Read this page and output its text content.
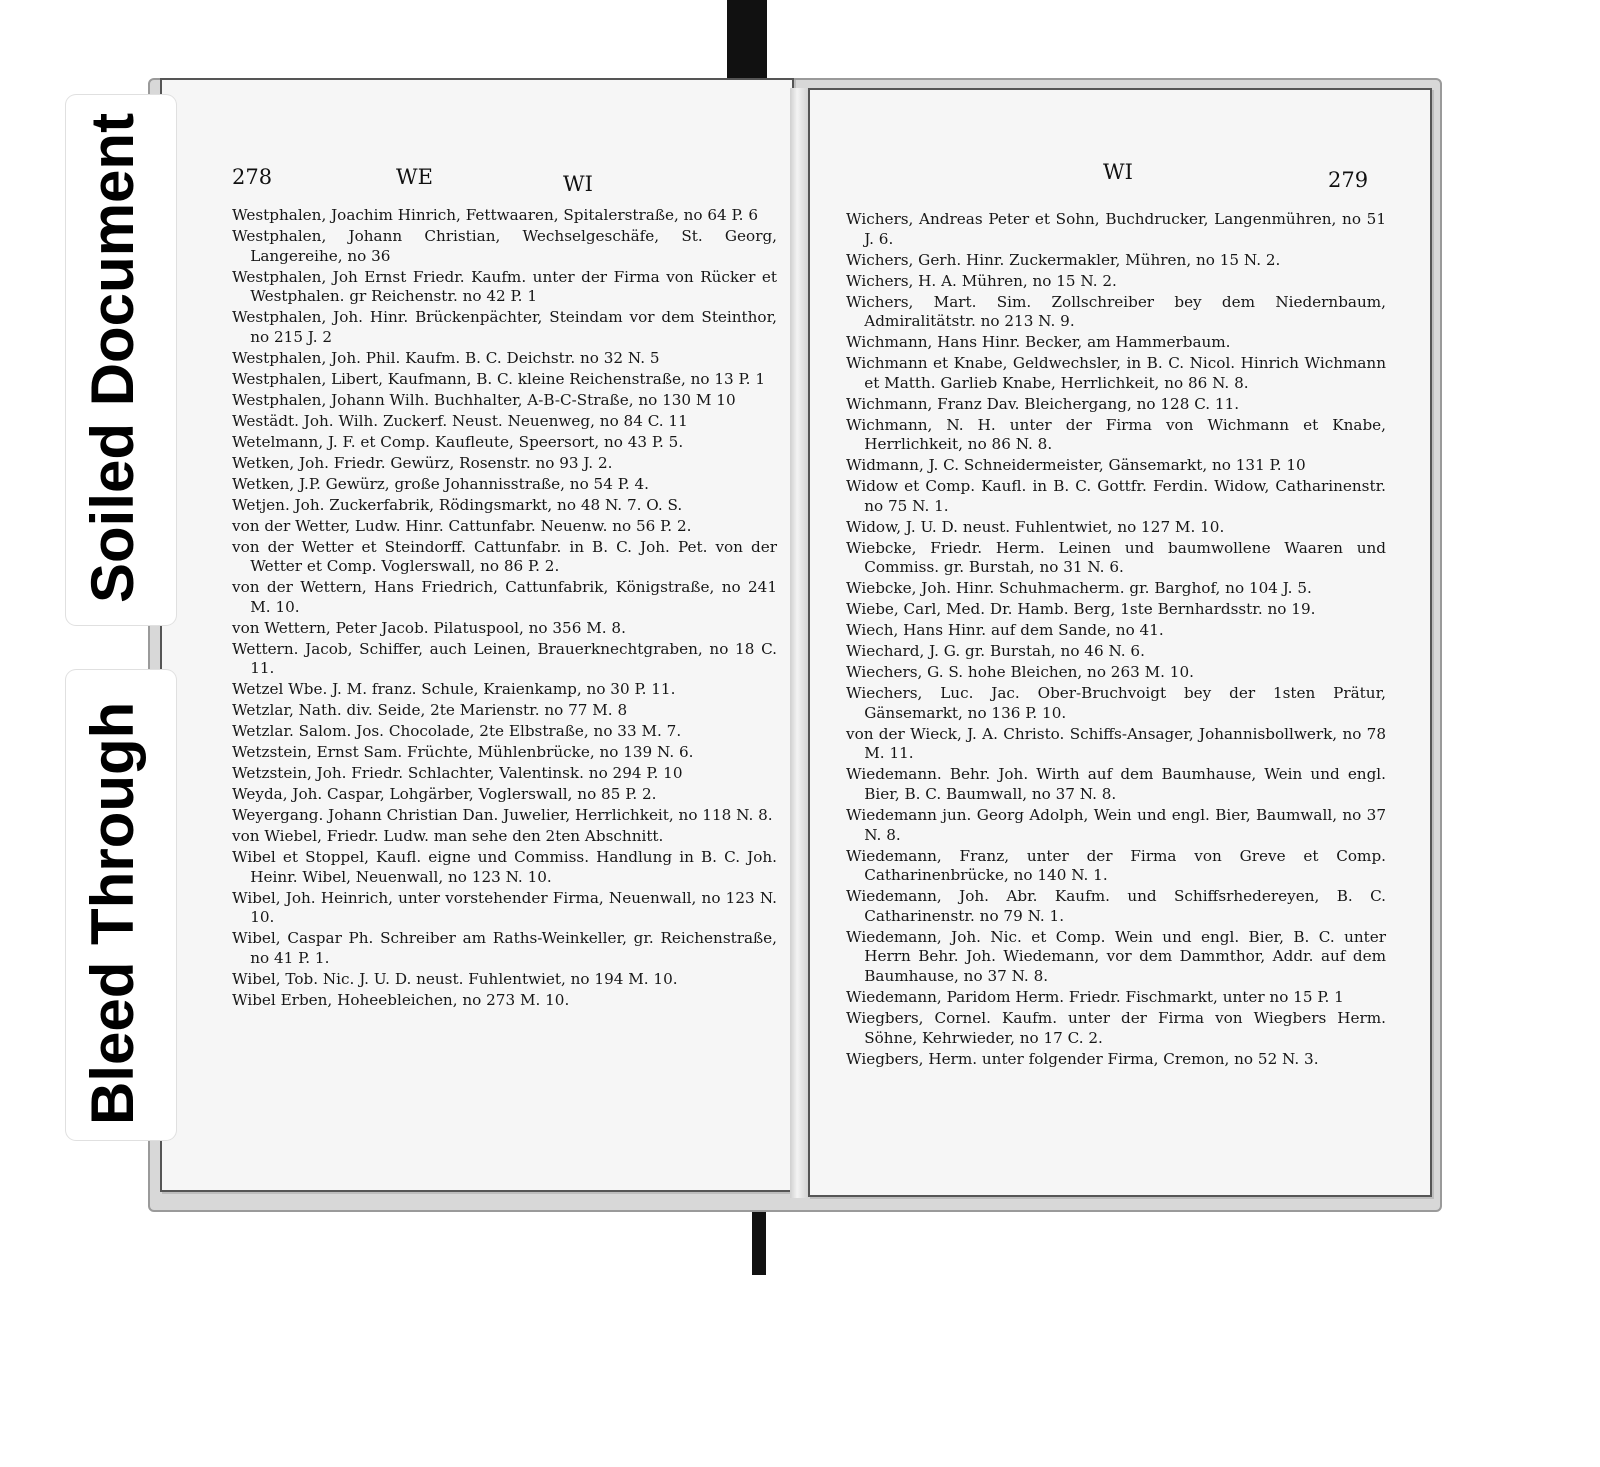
Soiled Document
Bleed Through
278	WE	WI	WI	279
Westphalen, Joachim Hinrich, Fettwaaren, Spitalerstraße, no 64 P. 6
Westphalen, Johann Christian, Wechselgeschäfe, St. Georg, Langereihe, no 36
Westphalen, Joh Ernst Friedr. Kaufm. unter der Firma von Rücker et Westphalen. gr Reichenstr. no 42 P. 1
Westphalen, Joh. Hinr. Brückenpächter, Steindam vor dem Steinthor, no 215 J. 2
Westphalen, Joh. Phil. Kaufm. B. C. Deichstr. no 32 N. 5
Westphalen, Libert, Kaufmann, B. C. kleine Reichenstraße, no 13 P. 1
Westphalen, Johann Wilh. Buchhalter, A-B-C-Straße, no 130 M 10
Westädt. Joh. Wilh. Zuckerf. Neust. Neuenweg, no 84 C. 11
Wetelmann, J. F. et Comp. Kaufleute, Speersort, no 43 P. 5.
Wetken, Joh. Friedr. Gewürz, Rosenstr. no 93 J. 2.
Wetken, J.P. Gewürz, große Johannisstraße, no 54 P. 4.
Wetjen. Joh. Zuckerfabrik, Rödingsmarkt, no 48 N. 7. O. S.
von der Wetter, Ludw. Hinr. Cattunfabr. Neuenw. no 56 P. 2.
von der Wetter et Steindorff. Cattunfabr. in B. C. Joh. Pet. von der Wetter et Comp. Voglerswall, no 86 P. 2.
von der Wettern, Hans Friedrich, Cattunfabrik, Königstraße, no 241 M. 10.
von Wettern, Peter Jacob. Pilatuspool, no 356 M. 8.
Wettern. Jacob, Schiffer, auch Leinen, Brauerknechtgraben, no 18 C. 11.
Wetzel Wbe. J. M. franz. Schule, Kraienkamp, no 30 P. 11.
Wetzlar, Nath. div. Seide, 2te Marienstr. no 77 M. 8
Wetzlar. Salom. Jos. Chocolade, 2te Elbstraße, no 33 M. 7.
Wetzstein, Ernst Sam. Früchte, Mühlenbrücke, no 139 N. 6.
Wetzstein, Joh. Friedr. Schlachter, Valentinsk. no 294 P. 10
Weyda, Joh. Caspar, Lohgärber, Voglerswall, no 85 P. 2.
Weyergang. Johann Christian Dan. Juwelier, Herrlichkeit, no 118 N. 8.
von Wiebel, Friedr. Ludw. man sehe den 2ten Abschnitt.
Wibel et Stoppel, Kaufl. eigne und Commiss. Handlung in B. C. Joh. Heinr. Wibel, Neuenwall, no 123 N. 10.
Wibel, Joh. Heinrich, unter vorstehender Firma, Neuenwall, no 123 N. 10.
Wibel, Caspar Ph. Schreiber am Raths-Weinkeller, gr. Reichenstraße, no 41 P. 1.
Wibel, Tob. Nic. J. U. D. neust. Fuhlentwiet, no 194 M. 10.
Wibel Erben, Hoheebleichen, no 273 M. 10.
Wichers, Andreas Peter et Sohn, Buchdrucker, Langenmühren, no 51 J. 6.
Wichers, Gerh. Hinr. Zuckermakler, Mühren, no 15 N. 2.
Wichers, H. A. Mühren, no 15 N. 2.
Wichers, Mart. Sim. Zollschreiber bey dem Niedernbaum, Admiralitätstr. no 213 N. 9.
Wichmann, Hans Hinr. Becker, am Hammerbaum.
Wichmann et Knabe, Geldwechsler, in B. C. Nicol. Hinrich Wichmann et Matth. Garlieb Knabe, Herrlichkeit, no 86 N. 8.
Wichmann, Franz Dav. Bleichergang, no 128 C. 11.
Wichmann, N. H. unter der Firma von Wichmann et Knabe, Herrlichkeit, no 86 N. 8.
Widmann, J. C. Schneidermeister, Gänsemarkt, no 131 P. 10
Widow et Comp. Kaufl. in B. C. Gottfr. Ferdin. Widow, Catharinenstr. no 75 N. 1.
Widow, J. U. D. neust. Fuhlentwiet, no 127 M. 10.
Wiebcke, Friedr. Herm. Leinen und baumwollene Waaren und Commiss. gr. Burstah, no 31 N. 6.
Wiebcke, Joh. Hinr. Schuhmacherm. gr. Barghof, no 104 J. 5.
Wiebe, Carl, Med. Dr. Hamb. Berg, 1ste Bernhardsstr. no 19.
Wiech, Hans Hinr. auf dem Sande, no 41.
Wiechard, J. G. gr. Burstah, no 46 N. 6.
Wiechers, G. S. hohe Bleichen, no 263 M. 10.
Wiechers, Luc. Jac. Ober-Bruchvoigt bey der 1sten Prätur, Gänsemarkt, no 136 P. 10.
von der Wieck, J. A. Christo. Schiffs-Ansager, Johannisbollwerk, no 78 M. 11.
Wiedemann. Behr. Joh. Wirth auf dem Baumhause, Wein und engl. Bier, B. C. Baumwall, no 37 N. 8.
Wiedemann jun. Georg Adolph, Wein und engl. Bier, Baumwall, no 37 N. 8.
Wiedemann, Franz, unter der Firma von Greve et Comp. Catharinenbrücke, no 140 N. 1.
Wiedemann, Joh. Abr. Kaufm. und Schiffsrhedereyen, B. C. Catharinenstr. no 79 N. 1.
Wiedemann, Joh. Nic. et Comp. Wein und engl. Bier, B. C. unter Herrn Behr. Joh. Wiedemann, vor dem Dammthor, Addr. auf dem Baumhause, no 37 N. 8.
Wiedemann, Paridom Herm. Friedr. Fischmarkt, unter no 15 P. 1
Wiegbers, Cornel. Kaufm. unter der Firma von Wiegbers Herm. Söhne, Kehrwieder, no 17 C. 2.
Wiegbers, Herm. unter folgender Firma, Cremon, no 52 N. 3.
